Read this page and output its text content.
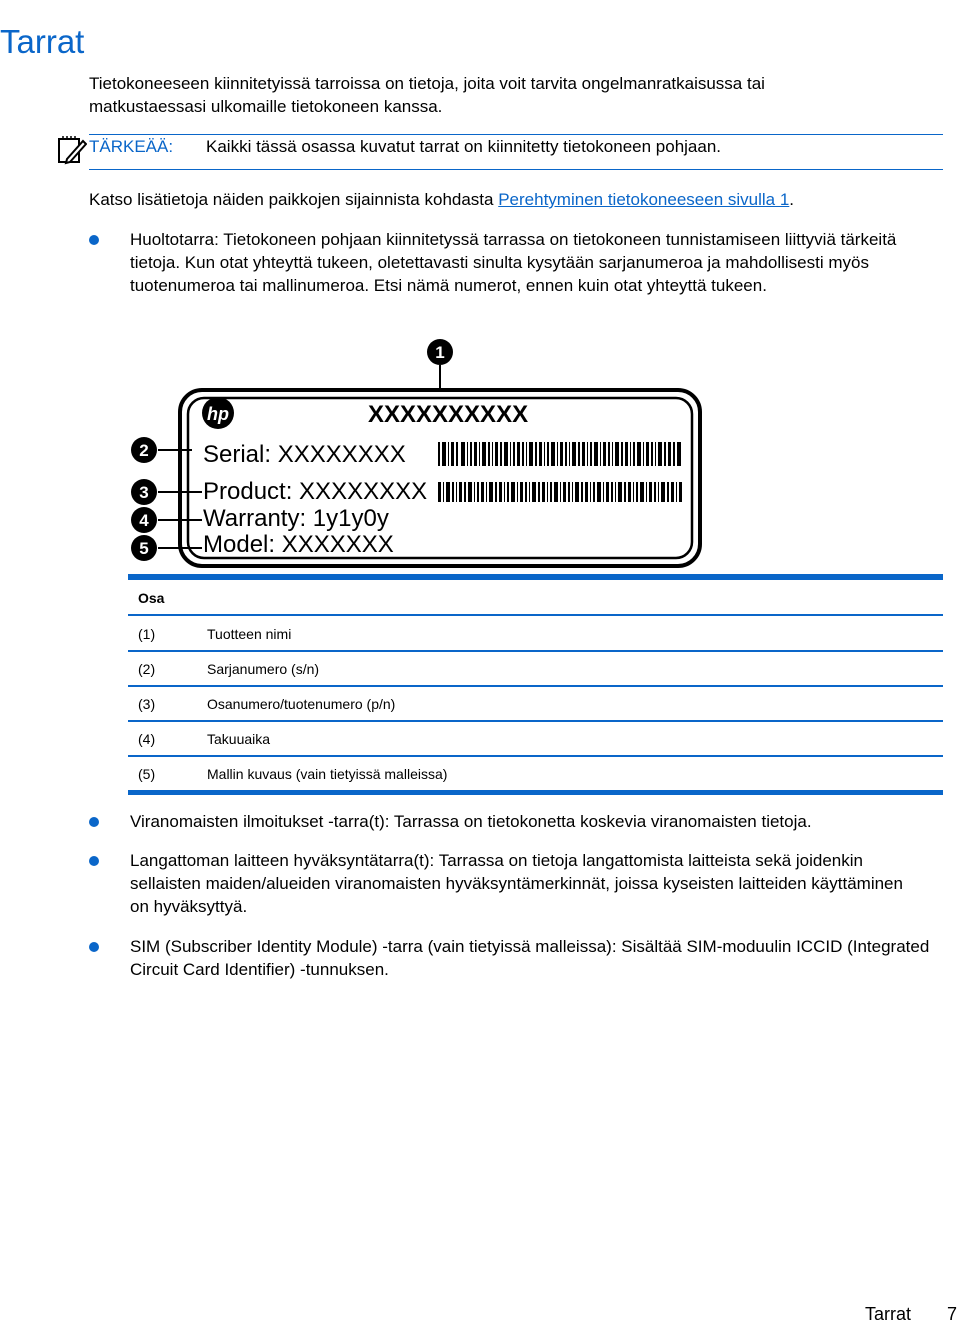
Tarrat
Tietokoneeseen kiinnitetyissä tarroissa on tietoja, joita voit tarvita ongelmanratkaisussa tai matkustaessasi ulkomaille tietokoneen kanssa.
TÄRKEÄÄ: Kaikki tässä osassa kuvatut tarrat on kiinnitetty tietokoneen pohjaan.
Katso lisätietoja näiden paikkojen sijainnista kohdasta Perehtyminen tietokoneeseen sivulla 1.
Huoltotarra: Tietokoneen pohjaan kiinnitetyssä tarrassa on tietokoneen tunnistamiseen liittyviä tärkeitä tietoja. Kun otat yhteyttä tukeen, oletettavasti sinulta kysytään sarjanumeroa ja mahdollisesti myös tuotenumeroa tai mallinumeroa. Etsi nämä numerot, ennen kuin otat yhteyttä tukeen.
1
hp	XXXXXXXXXX
Serial: XXXXXXXX
Product: XXXXXXXX
Warranty: 1y1y0y
Model: XXXXXXX
2
3
4
5
Osa
(1)	Tuotteen nimi
(2)	Sarjanumero (s/n)
(3)	Osanumero/tuotenumero (p/n)
(4)	Takuuaika
(5)	Mallin kuvaus (vain tietyissä malleissa)
Viranomaisten ilmoitukset -tarra(t): Tarrassa on tietokonetta koskevia viranomaisten tietoja.
Langattoman laitteen hyväksyntätarra(t): Tarrassa on tietoja langattomista laitteista sekä joidenkin sellaisten maiden/alueiden viranomaisten hyväksyntämerkinnät, joissa kyseisten laitteiden käyttäminen on hyväksyttyä.
SIM (Subscriber Identity Module) -tarra (vain tietyissä malleissa): Sisältää SIM-moduulin ICCID (Integrated Circuit Card Identifier) -tunnuksen.
Tarrat 7
